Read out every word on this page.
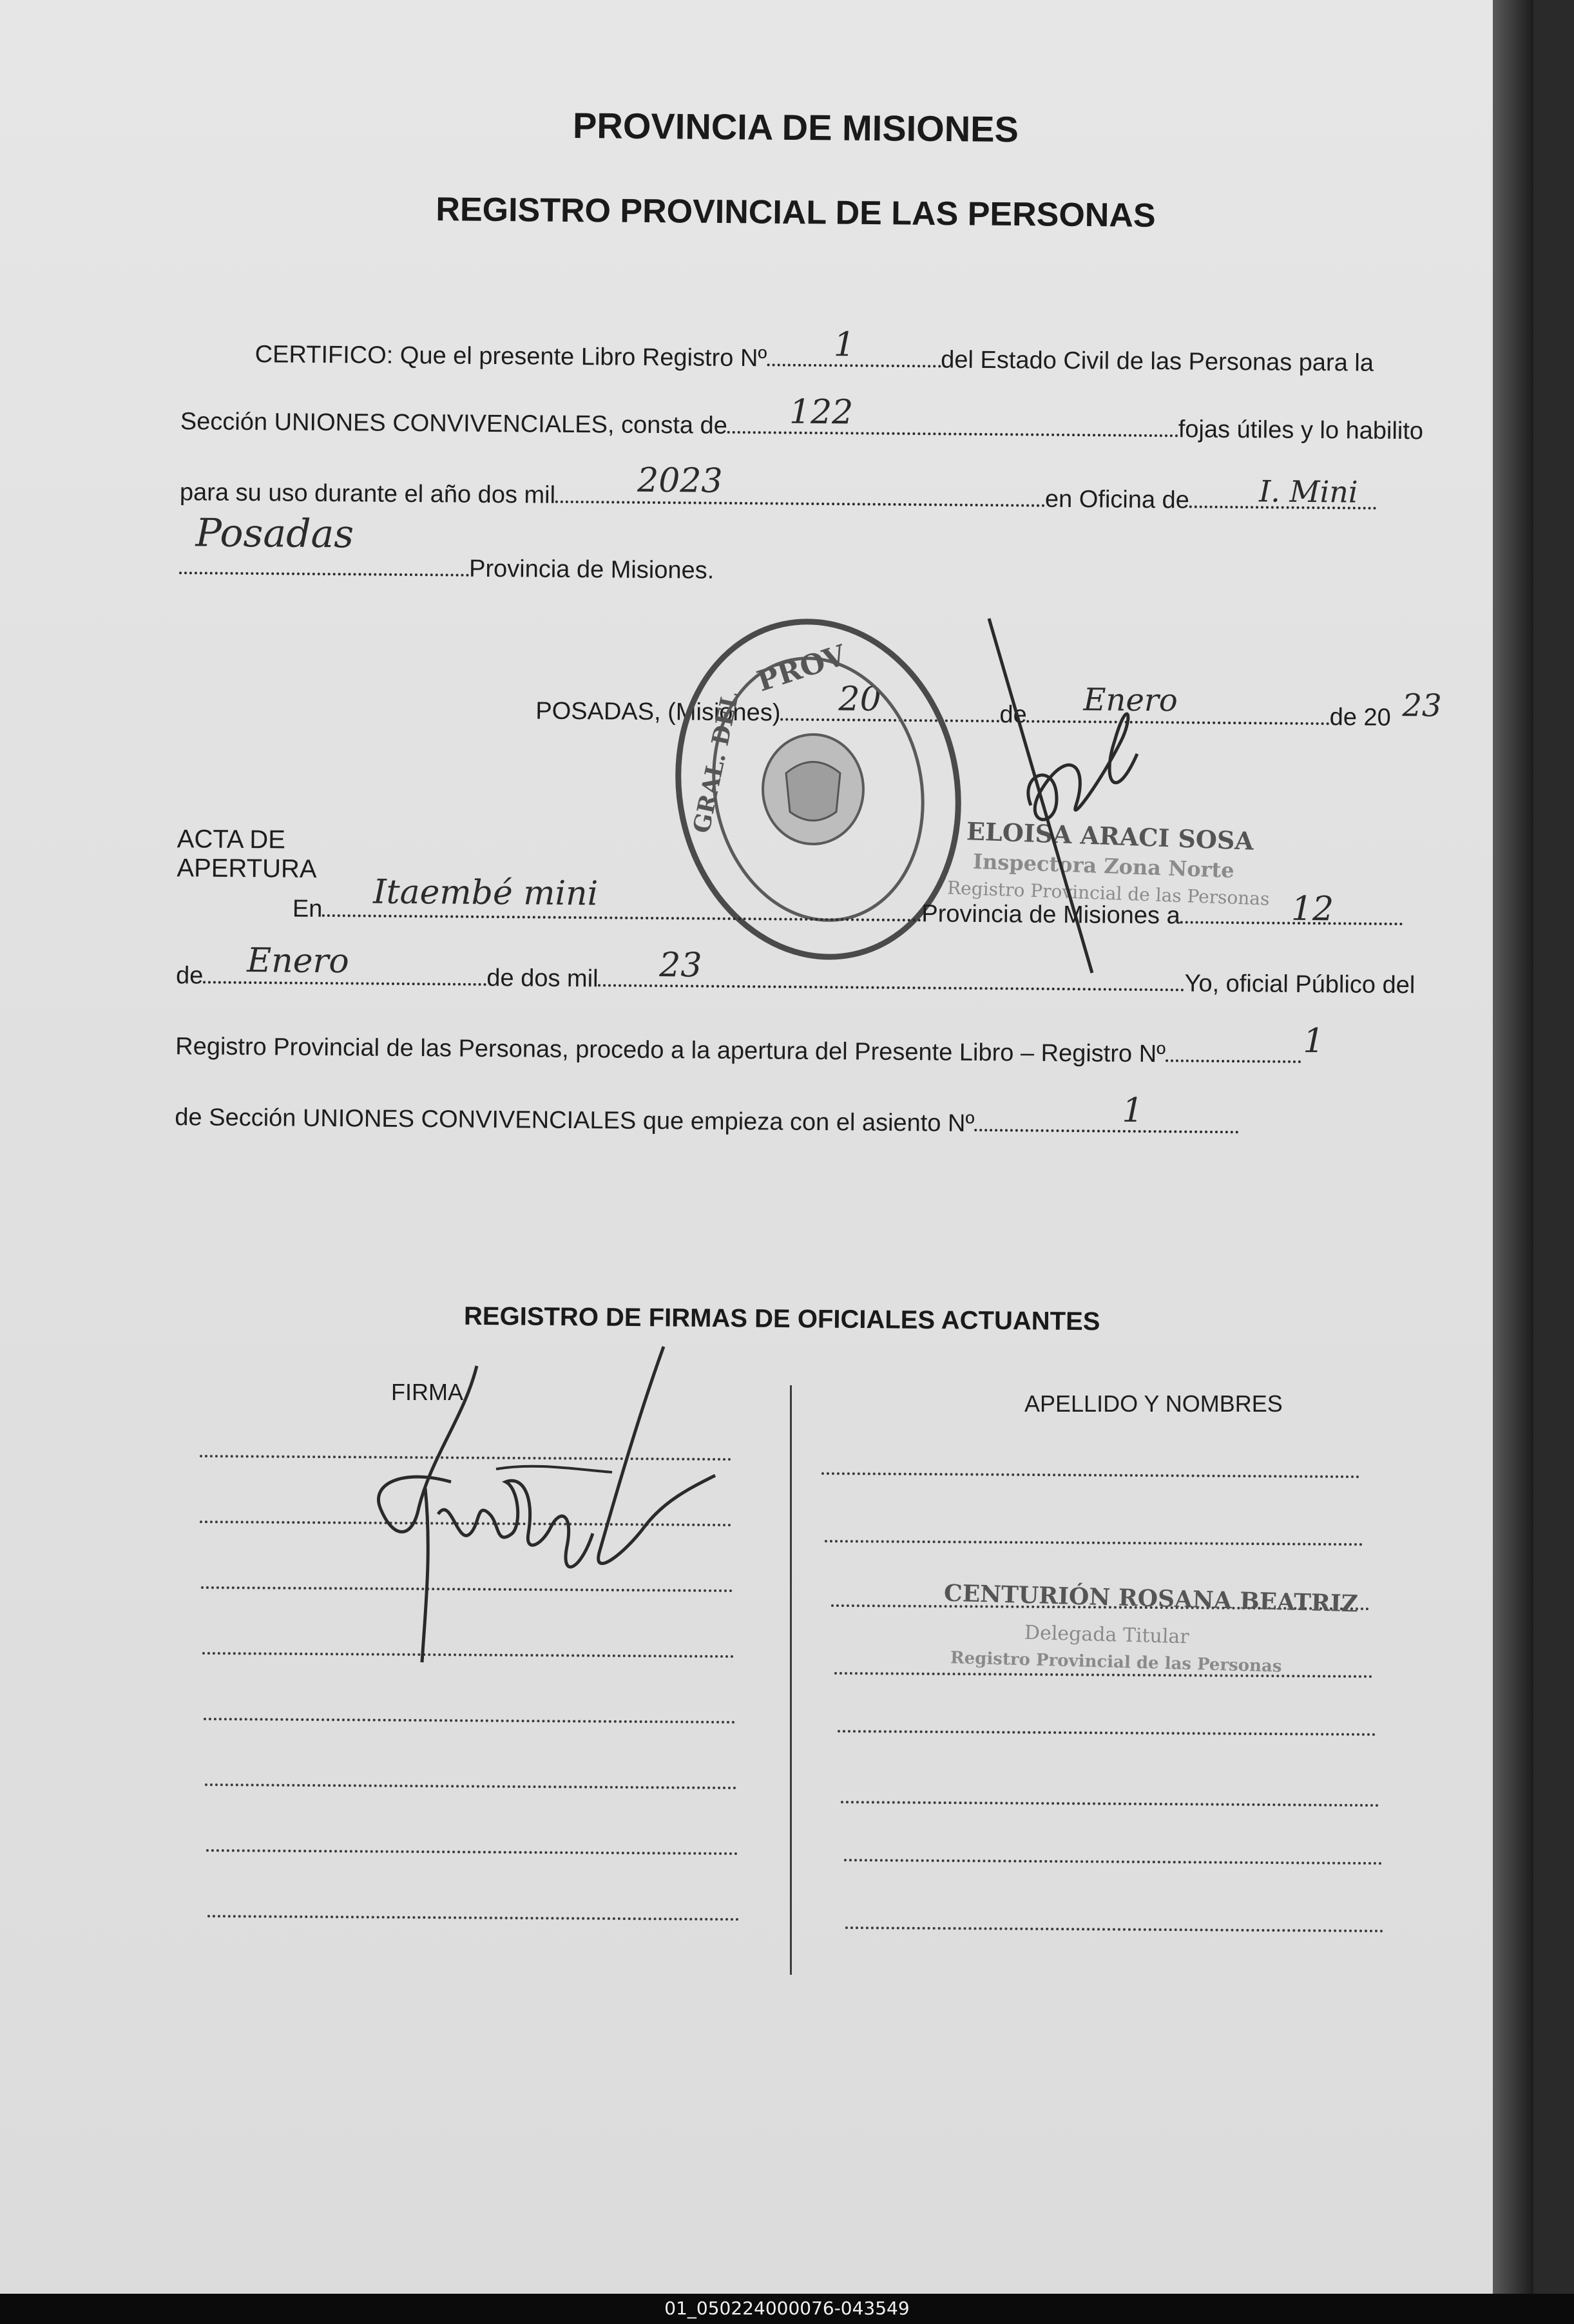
PROVINCIA DE MISIONES
REGISTRO PROVINCIAL DE LAS PERSONAS
CERTIFICO: Que el presente Libro Registro Nº	del Estado Civil de las Personas para la
1
Sección UNIONES CONVIVENCIALES, consta de	fojas útiles y lo habilito
122
para su uso durante el año dos mil	en Oficina de
2023	I. Mini
Provincia de Misiones.
Posadas
POSADAS, (Misiones)	de	de 20
20	Enero	23
PROV
GRAL. DEL
ELOISA ARACI SOSA
Inspectora Zona Norte
Registro Provincial de las Personas
ACTA DE APERTURA
En	Provincia de Misiones a
Itaembé mini	12
de	de dos mil	Yo, oficial Público del
Enero	23
Registro Provincial de las Personas, procedo a la apertura del Presente Libro – Registro Nº	1
de Sección UNIONES CONVIVENCIALES que empieza con el asiento Nº	1
REGISTRO DE FIRMAS DE OFICIALES ACTUANTES
FIRMA	APELLIDO Y NOMBRES
CENTURIÓN ROSANA BEATRIZ
Delegada Titular
Registro Provincial de las Personas
01_050224000076-043549
